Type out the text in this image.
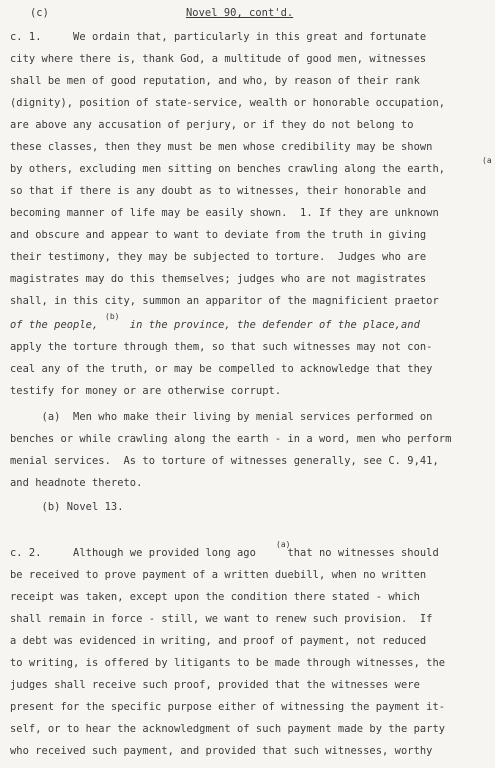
(c)	Novel 90, cont'd.
c. 1.     We ordain that, particularly in this great and fortunate
city where there is, thank God, a multitude of good men, witnesses
shall be men of good reputation, and who, by reason of their rank
(dignity), position of state-service, wealth or honorable occupation,
are above any accusation of perjury, or if they do not belong to
these classes, then they must be men whose credibility may be shown
by others, excluding men sitting on benches crawling along the earth,
so that if there is any doubt as to witnesses, their honorable and
becoming manner of life may be easily shown.  1. If they are unknown
and obscure and appear to want to deviate from the truth in giving
their testimony, they may be subjected to torture.  Judges who are
magistrates may do this themselves; judges who are not magistrates
shall, in this city, summon an apparitor of the magnificient praetor
of the people,     in the province, the defender of the place,and
apply the torture through them, so that such witnesses may not con-
ceal any of the truth, or may be compelled to acknowledge that they
testify for money or are otherwise corrupt.
(a)  Men who make their living by menial services performed on
benches or while crawling along the earth - in a word, men who perform
menial services.  As to torture of witnesses generally, see C. 9,41,
and headnote thereto.
(b) Novel 13.
c. 2.     Although we provided long ago     that no witnesses should
be received to prove payment of a written duebill, when no written
receipt was taken, except upon the condition there stated - which
shall remain in force - still, we want to renew such provision.  If
a debt was evidenced in writing, and proof of payment, not reduced
to writing, is offered by litigants to be made through witnesses, the
judges shall receive such proof, provided that the witnesses were
present for the specific purpose either of witnessing the payment it-
self, or to hear the acknowledgment of such payment made by the party
who received such payment, and provided that such witnesses, worthy
(a
(b)
(a)
